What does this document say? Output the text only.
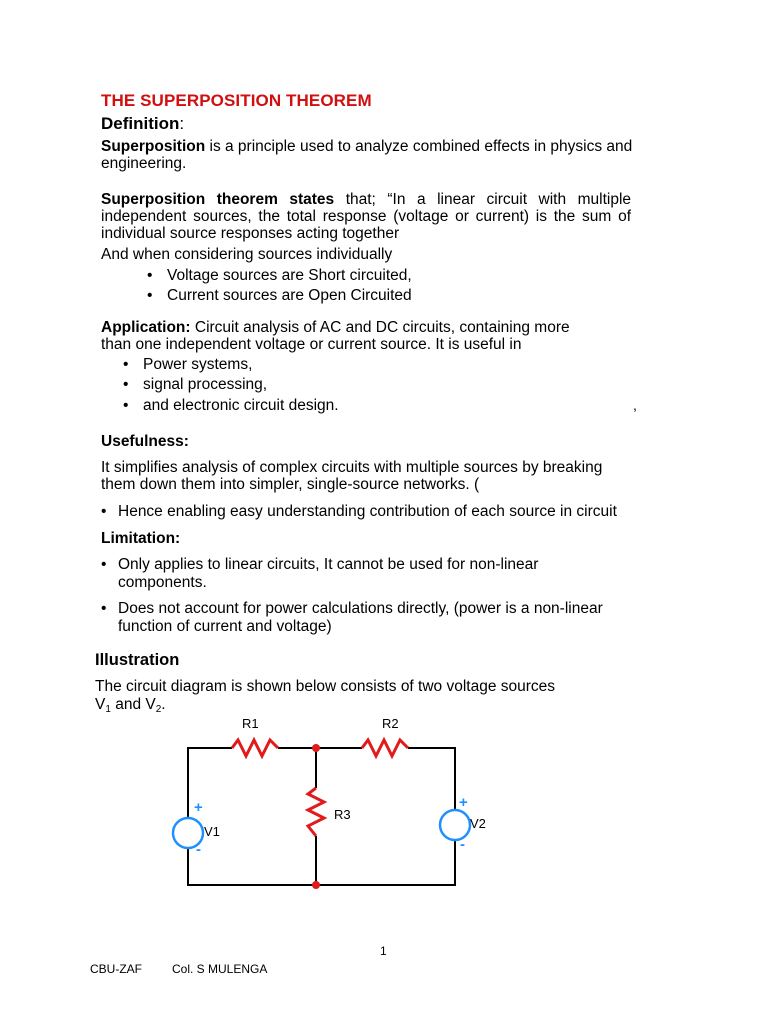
THE SUPERPOSITION THEOREM
Definition:
Superposition is a principle used to analyze combined effects in physics and
engineering.
Superposition theorem states that; “In a linear circuit with multiple independent sources, the total response (voltage or current) is the sum of individual source responses acting together
And when considering sources individually
• Voltage sources are Short circuited,
• Current sources are Open Circuited
Application: Circuit analysis of AC and DC circuits, containing more
than one independent voltage or current source. It is useful in
• Power systems,
• signal processing,
• and electronic circuit design.	,
Usefulness:
It simplifies analysis of complex circuits with multiple sources by breaking
them down them into simpler, single-source networks. (
• Hence enabling easy understanding contribution of each source in circuit
Limitation:
• Only applies to linear circuits, It cannot be used for non-linear
components.
• Does not account for power calculations directly, (power is a non-linear
function of current and voltage)
Illustration
The circuit diagram is shown below consists of two voltage sources
$V_1$ and $V_2$.
R1	R2
R3
V1
V2
+
-
+
-
1
CBU-ZAF	Col. S MULENGA
